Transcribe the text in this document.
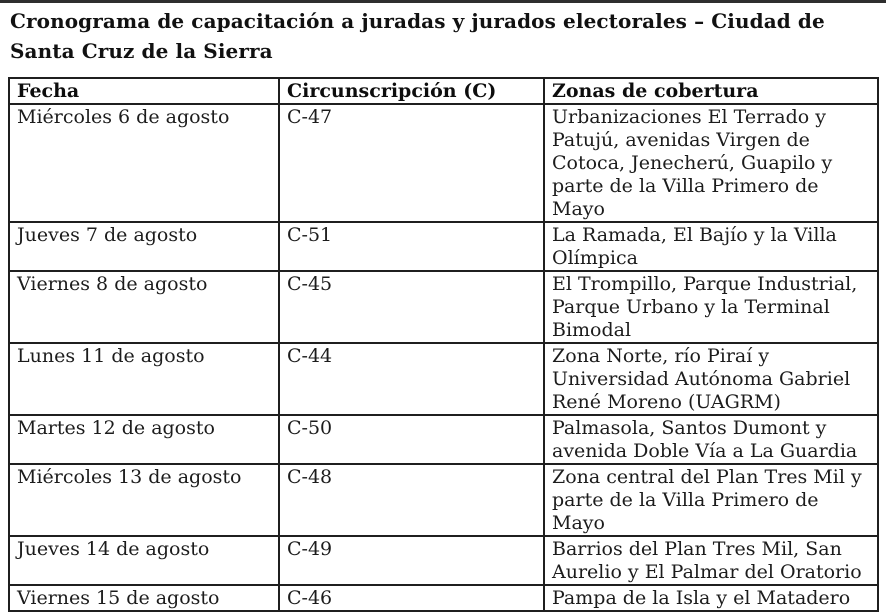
Cronograma de capacitación a juradas y jurados electorales – Ciudad de Santa Cruz de la Sierra
Fecha	Circunscripción (C)	Zonas de cobertura
Miércoles 6 de agosto	C-47	Urbanizaciones El Terrado y Patujú, avenidas Virgen de Cotoca, Jenecherú, Guapilo y parte de la Villa Primero de Mayo
Jueves 7 de agosto	C-51	La Ramada, El Bajío y la Villa Olímpica
Viernes 8 de agosto	C-45	El Trompillo, Parque Industrial, Parque Urbano y la Terminal Bimodal
Lunes 11 de agosto	C-44	Zona Norte, río Piraí y Universidad Autónoma Gabriel René Moreno (UAGRM)
Martes 12 de agosto	C-50	Palmasola, Santos Dumont y avenida Doble Vía a La Guardia
Miércoles 13 de agosto	C-48	Zona central del Plan Tres Mil y parte de la Villa Primero de Mayo
Jueves 14 de agosto	C-49	Barrios del Plan Tres Mil, San Aurelio y El Palmar del Oratorio
Viernes 15 de agosto	C-46	Pampa de la Isla y el Matadero
